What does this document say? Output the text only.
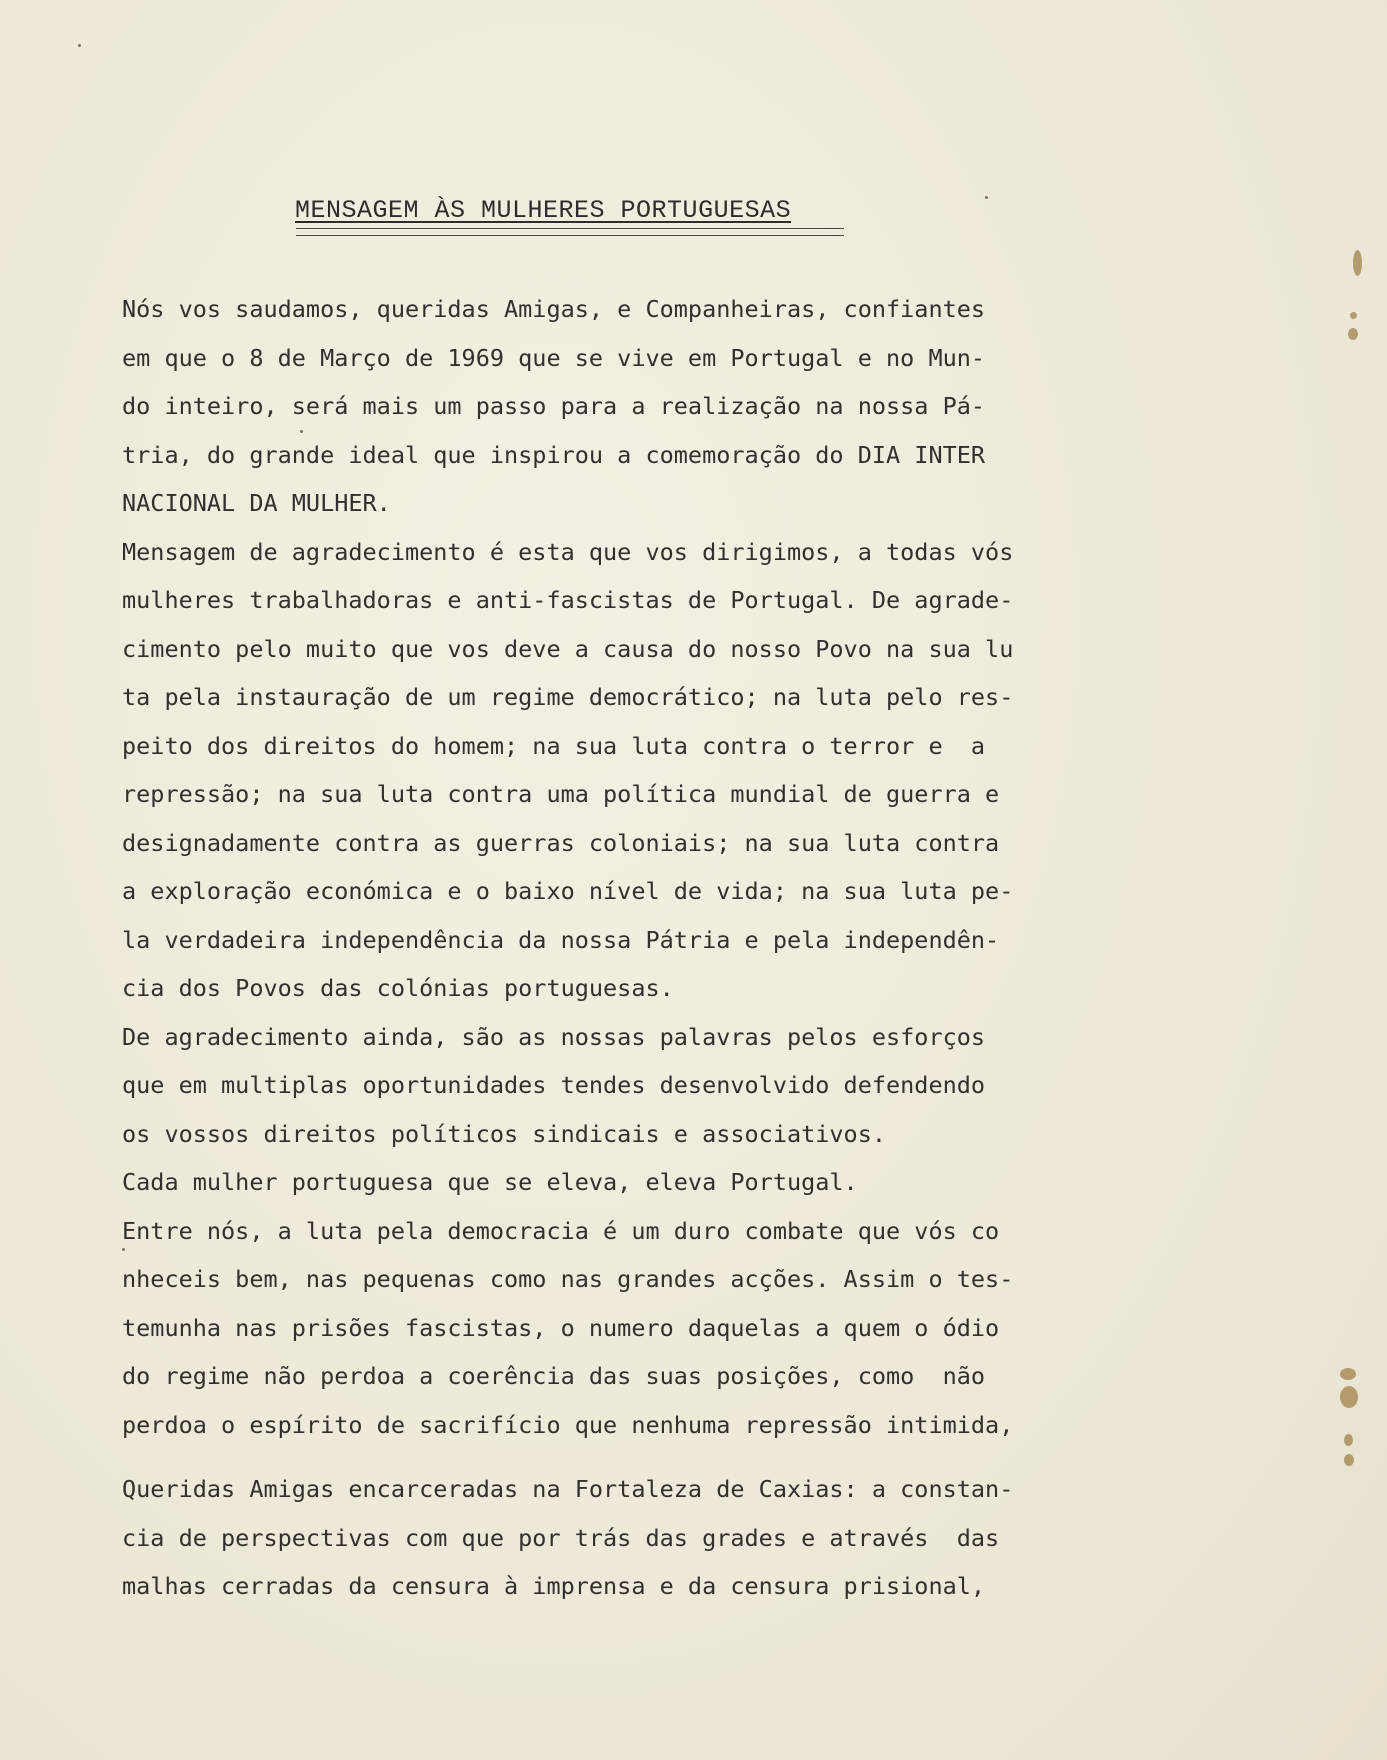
MENSAGEM ÀS MULHERES PORTUGUESAS
Nós vos saudamos, queridas Amigas, e Companheiras, confiantes
em que o 8 de Março de 1969 que se vive em Portugal e no Mun-
do inteiro, será mais um passo para a realização na nossa Pá-
tria, do grande ideal que inspirou a comemoração do DIA INTER
NACIONAL DA MULHER.
Mensagem de agradecimento é esta que vos dirigimos, a todas vós
mulheres trabalhadoras e anti-fascistas de Portugal. De agrade-
cimento pelo muito que vos deve a causa do nosso Povo na sua lu
ta pela instauração de um regime democrático; na luta pelo res-
peito dos direitos do homem; na sua luta contra o terror e  a
repressão; na sua luta contra uma política mundial de guerra e
designadamente contra as guerras coloniais; na sua luta contra
a exploração económica e o baixo nível de vida; na sua luta pe-
la verdadeira independência da nossa Pátria e pela independên-
cia dos Povos das colónias portuguesas.
De agradecimento ainda, são as nossas palavras pelos esforços
que em multiplas oportunidades tendes desenvolvido defendendo
os vossos direitos políticos sindicais e associativos.
Cada mulher portuguesa que se eleva, eleva Portugal.
Entre nós, a luta pela democracia é um duro combate que vós co
nheceis bem, nas pequenas como nas grandes acções. Assim o tes-
temunha nas prisões fascistas, o numero daquelas a quem o ódio
do regime não perdoa a coerência das suas posições, como  não
perdoa o espírito de sacrifício que nenhuma repressão intimida,
Queridas Amigas encarceradas na Fortaleza de Caxias: a constan-
cia de perspectivas com que por trás das grades e através  das
malhas cerradas da censura à imprensa e da censura prisional,
